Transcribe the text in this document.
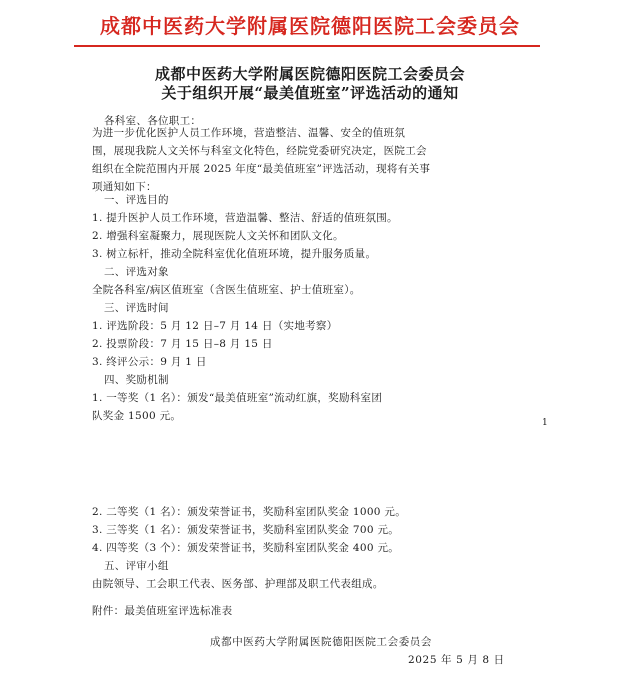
成都中医药大学附属医院德阳医院工会委员会
成都中医药大学附属医院德阳医院工会委员会
关于组织开展“最美值班室”评选活动的通知
各科室、各位职工：
为进一步优化医护人员工作环境，营造整洁、温馨、安全的值班氛
围，展现我院人文关怀与科室文化特色，经院党委研究决定，医院工会
组织在全院范围内开展 2025 年度“最美值班室”评选活动，现将有关事
项通知如下：
一、评选目的
1. 提升医护人员工作环境，营造温馨、整洁、舒适的值班氛围。
2. 增强科室凝聚力，展现医院人文关怀和团队文化。
3. 树立标杆，推动全院科室优化值班环境，提升服务质量。
二、评选对象
全院各科室/病区值班室（含医生值班室、护士值班室）。
三、评选时间
1. 评选阶段：5 月 12 日–7 月 14 日（实地考察）
2. 投票阶段：7 月 15 日–8 月 15 日
3. 终评公示：9 月 1 日
四、奖励机制
1. 一等奖（1 名）：颁发“最美值班室”流动红旗，奖励科室团
队奖金 1500 元。
1
2. 二等奖（1 名）：颁发荣誉证书，奖励科室团队奖金 1000 元。
3. 三等奖（1 名）：颁发荣誉证书，奖励科室团队奖金 700 元。
4. 四等奖（3 个）：颁发荣誉证书，奖励科室团队奖金 400 元。
五、评审小组
由院领导、工会职工代表、医务部、护理部及职工代表组成。
附件：最美值班室评选标准表
成都中医药大学附属医院德阳医院工会委员会
2025 年 5 月 8 日
